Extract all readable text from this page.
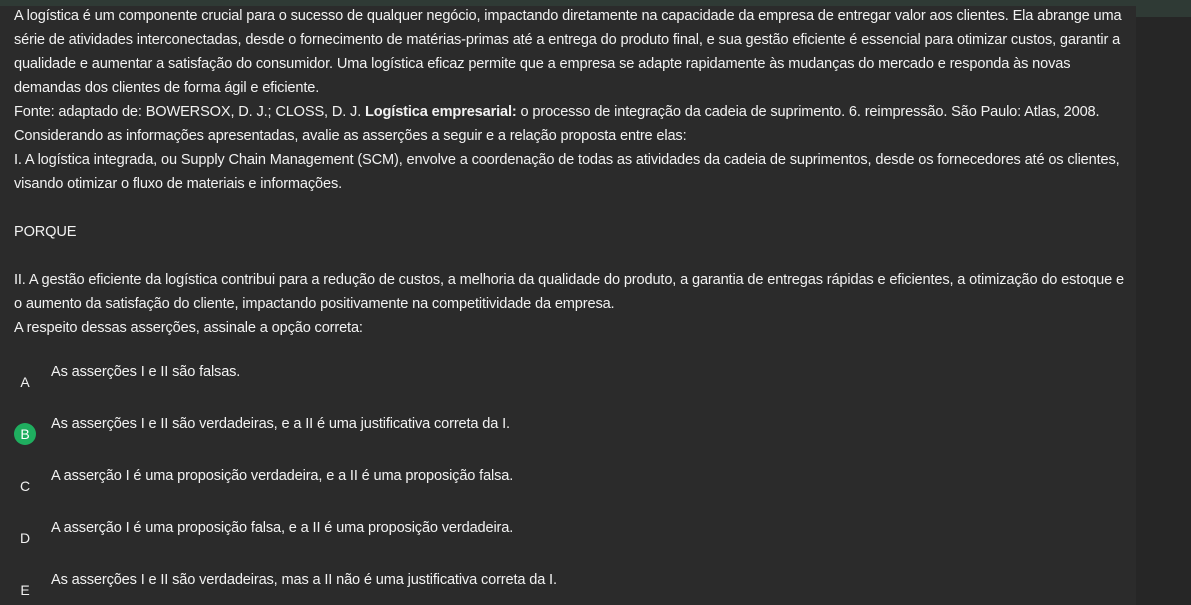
A logística é um componente crucial para o sucesso de qualquer negócio, impactando diretamente na capacidade da empresa de entregar valor aos clientes. Ela abrange uma série de atividades interconectadas, desde o fornecimento de matérias-primas até a entrega do produto final, e sua gestão eficiente é essencial para otimizar custos, garantir a qualidade e aumentar a satisfação do consumidor. Uma logística eficaz permite que a empresa se adapte rapidamente às mudanças do mercado e responda às novas demandas dos clientes de forma ágil e eficiente.

Fonte: adaptado de: BOWERSOX, D. J.; CLOSS, D. J. Logística empresarial: o processo de integração da cadeia de suprimento. 6. reimpressão. São Paulo: Atlas, 2008.

Considerando as informações apresentadas, avalie as asserções a seguir e a relação proposta entre elas:

I. A logística integrada, ou Supply Chain Management (SCM), envolve a coordenação de todas as atividades da cadeia de suprimentos, desde os fornecedores até os clientes, visando otimizar o fluxo de materiais e informações.

PORQUE

II. A gestão eficiente da logística contribui para a redução de custos, a melhoria da qualidade do produto, a garantia de entregas rápidas e eficientes, a otimização do estoque e o aumento da satisfação do cliente, impactando positivamente na competitividade da empresa.

A respeito dessas asserções, assinale a opção correta:

A
As asserções I e II são falsas.
B
As asserções I e II são verdadeiras, e a II é uma justificativa correta da I.
C
A asserção I é uma proposição verdadeira, e a II é uma proposição falsa.
D
A asserção I é uma proposição falsa, e a II é uma proposição verdadeira.
E
As asserções I e II são verdadeiras, mas a II não é uma justificativa correta da I.
